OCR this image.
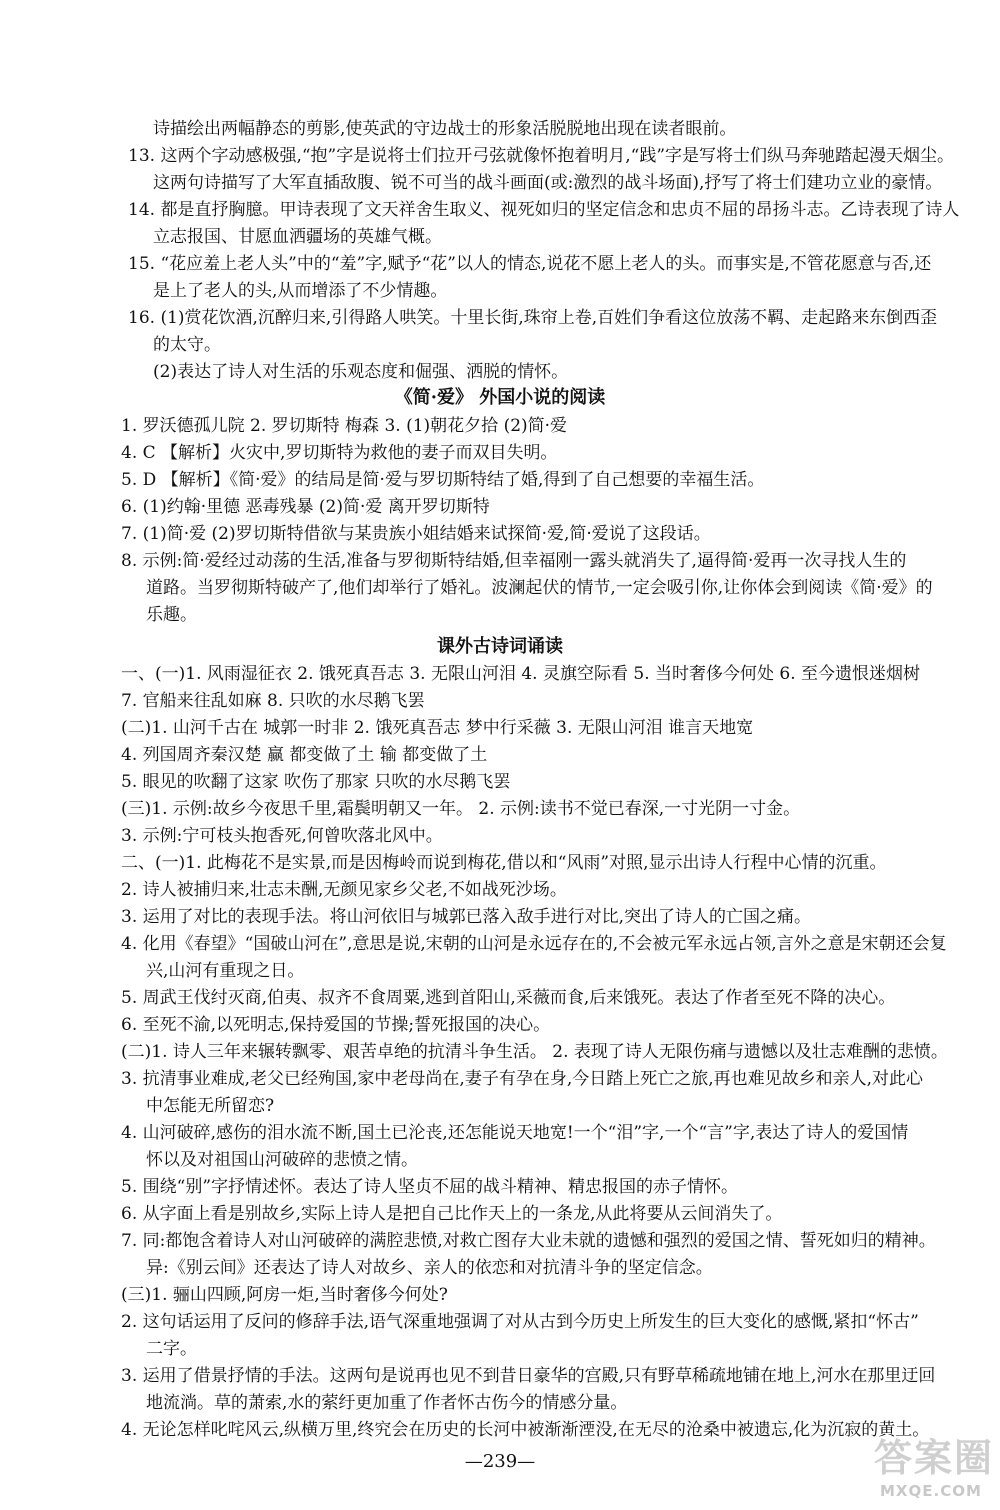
诗描绘出两幅静态的剪影,使英武的守边战士的形象活脱脱地出现在读者眼前。
13. 这两个字动感极强,“抱”字是说将士们拉开弓弦就像怀抱着明月,“践”字是写将士们纵马奔驰踏起漫天烟尘。
这两句诗描写了大军直插敌腹、锐不可当的战斗画面(或:激烈的战斗场面),抒写了将士们建功立业的豪情。
14. 都是直抒胸臆。甲诗表现了文天祥舍生取义、视死如归的坚定信念和忠贞不屈的昂扬斗志。乙诗表现了诗人
立志报国、甘愿血洒疆场的英雄气概。
15. “花应羞上老人头”中的“羞”字,赋予“花”以人的情态,说花不愿上老人的头。而事实是,不管花愿意与否,还
是上了老人的头,从而增添了不少情趣。
16. (1)赏花饮酒,沉醉归来,引得路人哄笑。十里长街,珠帘上卷,百姓们争看这位放荡不羁、走起路来东倒西歪
的太守。
(2)表达了诗人对生活的乐观态度和倔强、洒脱的情怀。
《简·爱》 外国小说的阅读
1. 罗沃德孤儿院 2. 罗切斯特 梅森 3. (1)朝花夕拾 (2)简·爱
4. C 【解析】火灾中,罗切斯特为救他的妻子而双目失明。
5. D 【解析】《简·爱》的结局是简·爱与罗切斯特结了婚,得到了自己想要的幸福生活。
6. (1)约翰·里德 恶毒残暴 (2)简·爱 离开罗切斯特
7. (1)简·爱 (2)罗切斯特借欲与某贵族小姐结婚来试探简·爱,简·爱说了这段话。
8. 示例:简·爱经过动荡的生活,准备与罗彻斯特结婚,但幸福刚一露头就消失了,逼得简·爱再一次寻找人生的
道路。当罗彻斯特破产了,他们却举行了婚礼。波澜起伏的情节,一定会吸引你,让你体会到阅读《简·爱》的
乐趣。
课外古诗词诵读
一、(一)1. 风雨湿征衣 2. 饿死真吾志 3. 无限山河泪 4. 灵旗空际看 5. 当时奢侈今何处 6. 至今遗恨迷烟树
7. 官船来往乱如麻 8. 只吹的水尽鹅飞罢
(二)1. 山河千古在 城郭一时非 2. 饿死真吾志 梦中行采薇 3. 无限山河泪 谁言天地宽
4. 列国周齐秦汉楚 赢 都变做了土 输 都变做了土
5. 眼见的吹翻了这家 吹伤了那家 只吹的水尽鹅飞罢
(三)1. 示例:故乡今夜思千里,霜鬓明朝又一年。 2. 示例:读书不觉已春深,一寸光阴一寸金。
3. 示例:宁可枝头抱香死,何曾吹落北风中。
二、(一)1. 此梅花不是实景,而是因梅岭而说到梅花,借以和“风雨”对照,显示出诗人行程中心情的沉重。
2. 诗人被捕归来,壮志未酬,无颜见家乡父老,不如战死沙场。
3. 运用了对比的表现手法。将山河依旧与城郭已落入敌手进行对比,突出了诗人的亡国之痛。
4. 化用《春望》“国破山河在”,意思是说,宋朝的山河是永远存在的,不会被元军永远占领,言外之意是宋朝还会复
兴,山河有重现之日。
5. 周武王伐纣灭商,伯夷、叔齐不食周粟,逃到首阳山,采薇而食,后来饿死。表达了作者至死不降的决心。
6. 至死不渝,以死明志,保持爱国的节操;誓死报国的决心。
(二)1. 诗人三年来辗转飘零、艰苦卓绝的抗清斗争生活。 2. 表现了诗人无限伤痛与遗憾以及壮志难酬的悲愤。
3. 抗清事业难成,老父已经殉国,家中老母尚在,妻子有孕在身,今日踏上死亡之旅,再也难见故乡和亲人,对此心
中怎能无所留恋?
4. 山河破碎,感伤的泪水流不断,国土已沦丧,还怎能说天地宽!一个“泪”字,一个“言”字,表达了诗人的爱国情
怀以及对祖国山河破碎的悲愤之情。
5. 围绕“别”字抒情述怀。表达了诗人坚贞不屈的战斗精神、精忠报国的赤子情怀。
6. 从字面上看是别故乡,实际上诗人是把自己比作天上的一条龙,从此将要从云间消失了。
7. 同:都饱含着诗人对山河破碎的满腔悲愤,对救亡图存大业未就的遗憾和强烈的爱国之情、誓死如归的精神。
异:《别云间》还表达了诗人对故乡、亲人的依恋和对抗清斗争的坚定信念。
(三)1. 骊山四顾,阿房一炬,当时奢侈今何处?
2. 这句话运用了反问的修辞手法,语气深重地强调了对从古到今历史上所发生的巨大变化的感慨,紧扣“怀古”
二字。
3. 运用了借景抒情的手法。这两句是说再也见不到昔日豪华的宫殿,只有野草稀疏地铺在地上,河水在那里迂回
地流淌。草的萧索,水的萦纡更加重了作者怀古伤今的情感分量。
4. 无论怎样叱咤风云,纵横万里,终究会在历史的长河中被渐渐湮没,在无尽的沧桑中被遗忘,化为沉寂的黄土。
—239—	答案圈
MXQE.COM
